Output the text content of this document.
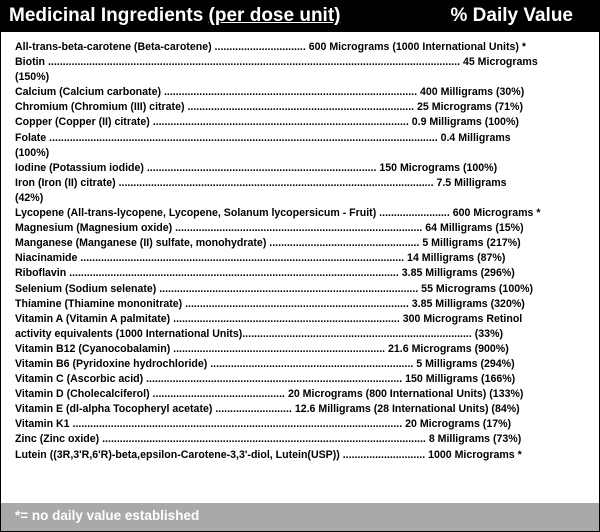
Medicinal Ingredients (per dose unit)	% Daily Value
All-trans-beta-carotene (Beta-carotene) ............................... 600 Micrograms (1000 International Units) *
Biotin ............................................................................................................................................ 45 Micrograms
(150%)
Calcium (Calcium carbonate) ...................................................................................... 400 Milligrams (30%)
Chromium (Chromium (III) citrate) ............................................................................. 25 Micrograms (71%)
Copper (Copper (II) citrate) ....................................................................................... 0.9 Milligrams (100%)
Folate .................................................................................................................................... 0.4 Milligrams
(100%)
Iodine (Potassium iodide) .............................................................................. 150 Micrograms (100%)
Iron (Iron (II) citrate) ........................................................................................................... 7.5 Milligrams
(42%)
Lycopene (All-trans-lycopene, Lycopene, Solanum lycopersicum - Fruit) ........................ 600 Micrograms *
Magnesium (Magnesium oxide) .................................................................................... 64 Milligrams (15%)
Manganese (Manganese (II) sulfate, monohydrate) ................................................... 5 Milligrams (217%)
Niacinamide .............................................................................................................. 14 Milligrams (87%)
Riboflavin ................................................................................................................ 3.85 Milligrams (296%)
Selenium (Sodium selenate) ........................................................................................ 55 Micrograms (100%)
Thiamine (Thiamine mononitrate) ............................................................................ 3.85 Milligrams (320%)
Vitamin A (Vitamin A palmitate) ............................................................................. 300 Micrograms Retinol
activity equivalents (1000 International Units).............................................................................. (33%)
Vitamin B12 (Cyanocobalamin) ........................................................................ 21.6 Micrograms (900%)
Vitamin B6 (Pyridoxine hydrochloride) ..................................................................... 5 Milligrams (294%)
Vitamin C (Ascorbic acid) ....................................................................................... 150 Milligrams (166%)
Vitamin D (Cholecalciferol) ............................................. 20 Micrograms (800 International Units) (133%)
Vitamin E (dl-alpha Tocopheryl acetate) .......................... 12.6 Milligrams (28 International Units) (84%)
Vitamin K1 ................................................................................................................ 20 Micrograms (17%)
Zinc (Zinc oxide) .............................................................................................................. 8 Milligrams (73%)
Lutein ((3R,3'R,6'R)-beta,epsilon-Carotene-3,3'-diol, Lutein(USP)) ............................ 1000 Micrograms *
*= no daily value established
